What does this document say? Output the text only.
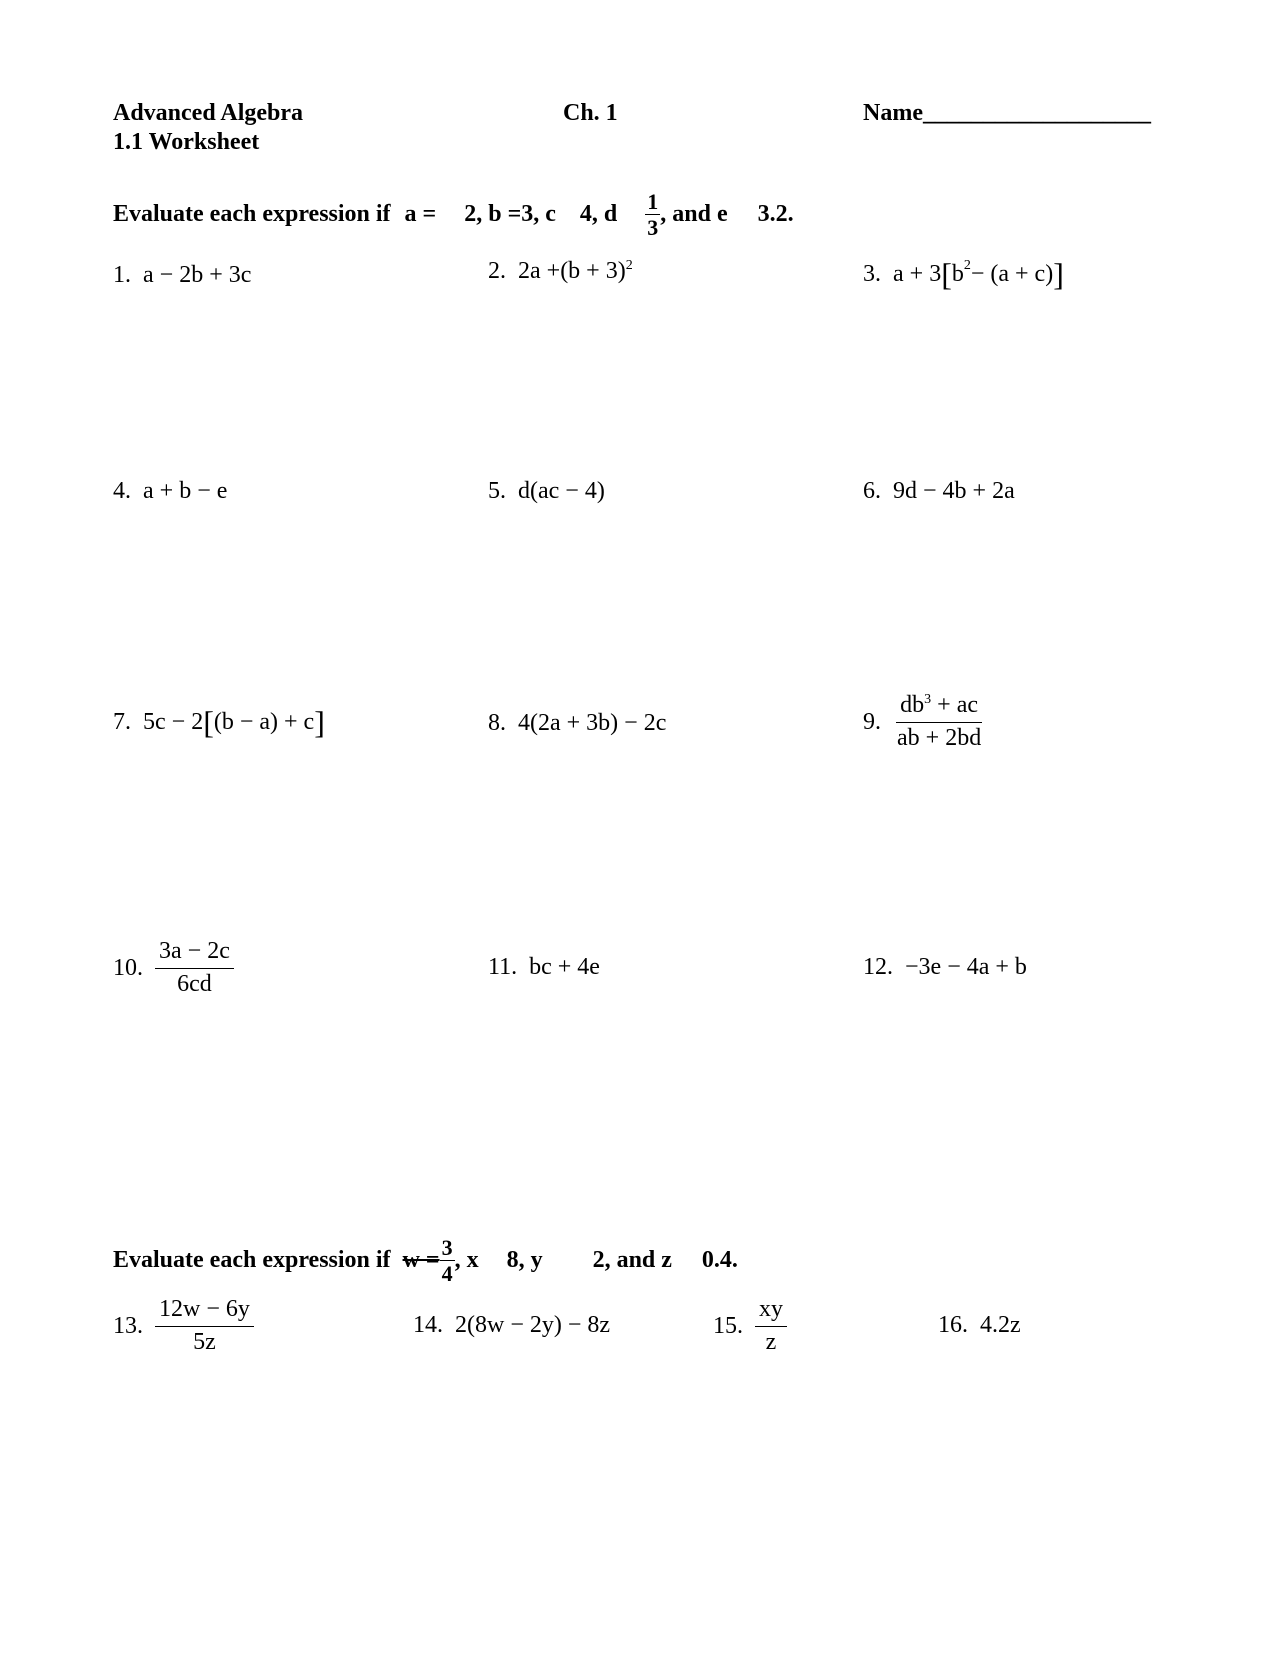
Advanced Algebra
1.1 Worksheet
Ch. 1	Name___________________
Evaluate each expression if a = 2, b =3, c 4, d $\frac{1}{3}$ , and e 3.2.
1. a − 2b + 3c	2. $2a + (b + 3)^2$	3. a + 3 [ $b^2 - (a + c)$ ]
4. a + b − e	5. d(ac − 4)	6. 9d − 4b + 2a
7. 5c − 2 [ (b − a) + c ]	8. 4(2a + 3b) − 2c	9. $\frac{db^3 + ac}{ab + 2bd}$
10. $\frac{3a - 2c}{6cd}$	11. bc + 4e	12. −3e − 4a + b
Evaluate each expression if $w = \frac{3}{4}$ , x 8, y 2, and z 0.4.
13. $\frac{12w - 6y}{5z}$	14. 2(8w − 2y) − 8z	15. $\frac{xy}{z}$	16. 4.2z
